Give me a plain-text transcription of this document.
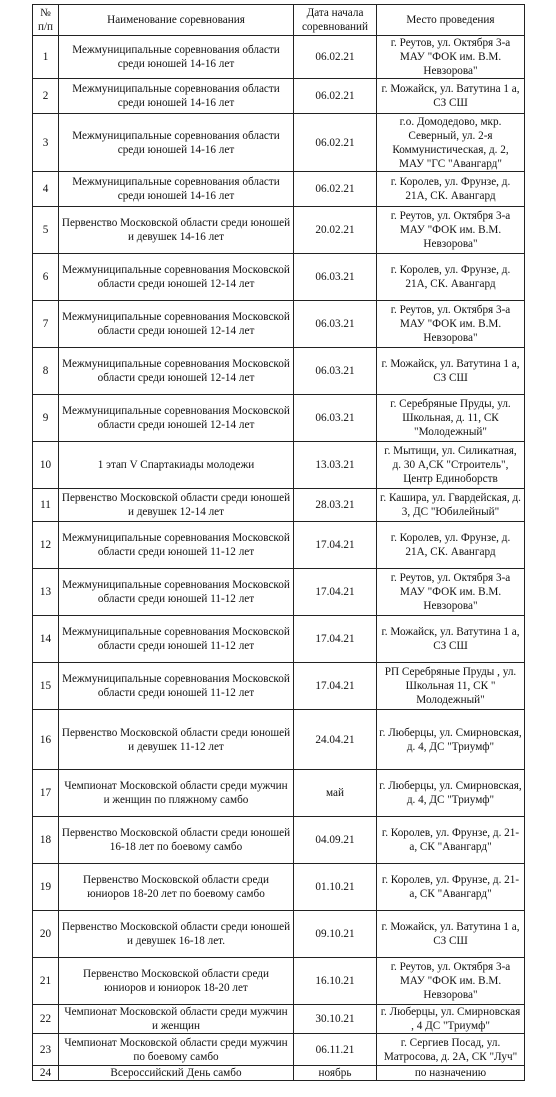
№ п/п	Наименование соревнования	Дата начала соревнований	Место проведения
1	Межмуниципальные соревнования области среди юношей 14-16 лет	06.02.21	г. Реутов, ул. Октября 3-а МАУ "ФОК им. В.М. Невзорова"
2	Межмуниципальные соревнования области среди юношей 14-16 лет	06.02.21	г. Можайск, ул. Ватутина 1 а, СЗ СШ
3	Межмуниципальные соревнования области среди юношей 14-16 лет	06.02.21	г.о. Домодедово, мкр. Северный, ул. 2-я Коммунистическая, д. 2, МАУ "ГС "Авангард"
4	Межмуниципальные соревнования области среди юношей 14-16 лет	06.02.21	г. Королев, ул. Фрунзе, д. 21А, СК. Авангард
5	Первенство Московской области среди юношей и девушек 14-16 лет	20.02.21	г. Реутов, ул. Октября 3-а МАУ "ФОК им. В.М. Невзорова"
6	Межмуниципальные соревнования Московской области среди юношей 12-14 лет	06.03.21	г. Королев, ул. Фрунзе, д. 21А, СК. Авангард
7	Межмуниципальные соревнования Московской области среди юношей 12-14 лет	06.03.21	г. Реутов, ул. Октября 3-а МАУ "ФОК им. В.М. Невзорова"
8	Межмуниципальные соревнования Московской области среди юношей 12-14 лет	06.03.21	г. Можайск, ул. Ватутина 1 а, СЗ СШ
9	Межмуниципальные соревнования Московской области среди юношей 12-14 лет	06.03.21	г. Серебряные Пруды, ул. Школьная, д. 11, СК "Молодежный"
10	1 этап V Спартакиады молодежи	13.03.21	г. Мытищи, ул. Силикатная, д. 30 А,СК "Строитель", Центр Единоборств
11	Первенство Московской области среди юношей и девушек 12-14 лет	28.03.21	г. Кашира, ул. Гвардейская, д. 3, ДС "Юбилейный"
12	Межмуниципальные соревнования Московской области среди юношей 11-12 лет	17.04.21	г. Королев, ул. Фрунзе, д. 21А, СК. Авангард
13	Межмуниципальные соревнования Московской области среди юношей 11-12 лет	17.04.21	г. Реутов, ул. Октября 3-а МАУ "ФОК им. В.М. Невзорова"
14	Межмуниципальные соревнования Московской области среди юношей 11-12 лет	17.04.21	г. Можайск, ул. Ватутина 1 а, СЗ СШ
15	Межмуниципальные соревнования Московской области среди юношей 11-12 лет	17.04.21	РП Серебряные Пруды , ул. Школьная 11, СК " Молодежный"
16	Первенство Московской области среди юношей и девушек 11-12 лет	24.04.21	г. Люберцы, ул. Смирновская, д. 4, ДС "Триумф"
17	Чемпионат Московской области среди мужчин и женщин по пляжному самбо	май	г. Люберцы, ул. Смирновская, д. 4, ДС "Триумф"
18	Первенство Московской области среди юношей 16-18 лет по боевому самбо	04.09.21	г. Королев, ул. Фрунзе, д. 21-а, СК "Авангард"
19	Первенство Московской области среди юниоров 18-20 лет по боевому самбо	01.10.21	г. Королев, ул. Фрунзе, д. 21-а, СК "Авангард"
20	Первенство Московской области среди юношей и девушек 16-18 лет.	09.10.21	г. Можайск, ул. Ватутина 1 а, СЗ СШ
21	Первенство Московской области среди юниоров и юниорок 18-20 лет	16.10.21	г. Реутов, ул. Октября 3-а МАУ "ФОК им. В.М. Невзорова"
22	Чемпионат Московской области среди мужчин и женщин	30.10.21	г. Люберцы, ул. Смирновская , 4 ДС "Триумф"
23	Чемпионат Московской области среди мужчин по боевому самбо	06.11.21	г. Сергиев Посад, ул. Матросова, д. 2А, СК "Луч"
24	Всероссийский День самбо	ноябрь	по назначению
